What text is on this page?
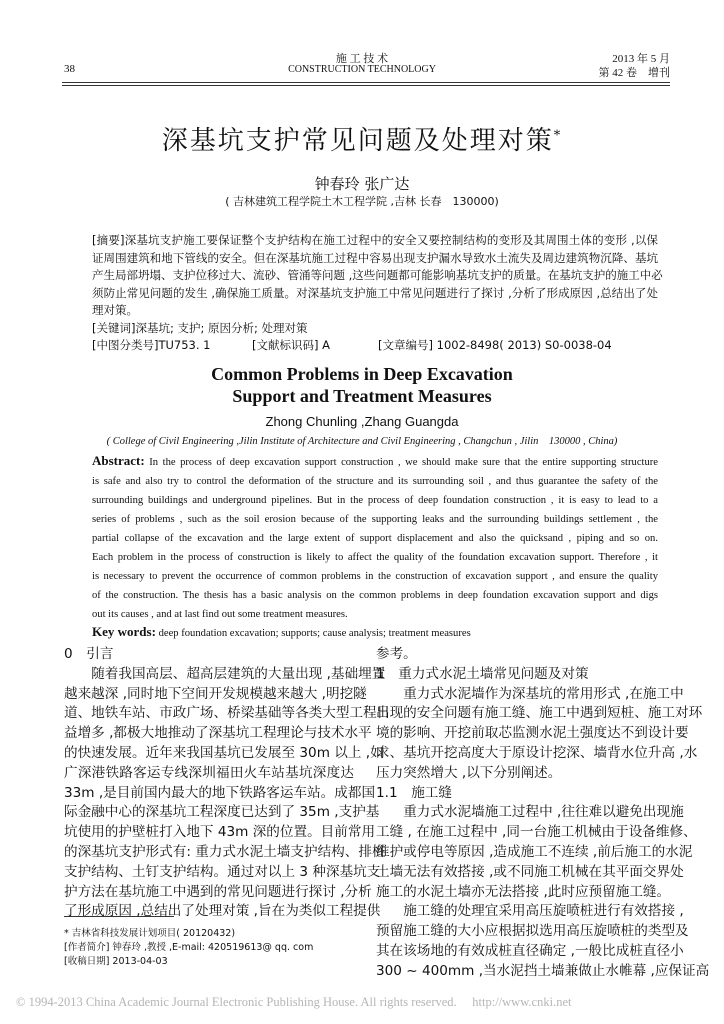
38
施 工 技 术
CONSTRUCTION TECHNOLOGY
2013 年 5 月
第 42 卷　增刊
深基坑支护常见问题及处理对策*
钟春玲 张广达
( 吉林建筑工程学院土木工程学院 ,吉林 长春　130000)
[摘要]深基坑支护施工要保证整个支护结构在施工过程中的安全又要控制结构的变形及其周围土体的变形 ,以保
证周围建筑和地下管线的安全。但在深基坑施工过程中容易出现支护漏水导致水土流失及周边建筑物沉降、基坑
产生局部坍塌、支护位移过大、流砂、管涌等问题 ,这些问题都可能影响基坑支护的质量。在基坑支护的施工中必
须防止常见问题的发生 ,确保施工质量。对深基坑支护施工中常见问题进行了探讨 ,分析了形成原因 ,总结出了处
理对策。
[关键词]深基坑; 支护; 原因分析; 处理对策
[中图分类号]TU753. 1	[文献标识码] A	[文章编号] 1002-8498( 2013) S0-0038-04
Common Problems in Deep Excavation
Support and Treatment Measures
Zhong Chunling ,Zhang Guangda
( College of Civil Engineering ,Jilin Institute of Architecture and Civil Engineering , Changchun , Jilin　130000 , China)
Abstract: In the process of deep excavation support construction , we should make sure that the entire supporting structure
is safe and also try to control the deformation of the structure and its surrounding soil , and thus guarantee the safety of the
surrounding buildings and underground pipelines. But in the process of deep foundation construction , it is easy to lead to a
series of problems , such as the soil erosion because of the supporting leaks and the surrounding buildings settlement , the
partial collapse of the excavation and the large extent of support displacement and also the quicksand , piping and so on.
Each problem in the process of construction is likely to affect the quality of the foundation excavation support. Therefore , it
is necessary to prevent the occurrence of common problems in the construction of excavation support , and ensure the quality
of the construction. The thesis has a basic analysis on the common problems in deep foundation excavation support and digs
out its causes , and at last find out some treatment measures.
Key words: deep foundation excavation; supports; cause analysis; treatment measures
0　引言
随着我国高层、超高层建筑的大量出现 ,基础埋置
越来越深 ,同时地下空间开发规模越来越大 ,明挖隧
道、地铁车站、市政广场、桥梁基础等各类大型工程日
益增多 ,都极大地推动了深基坑工程理论与技术水平
的快速发展。近年来我国基坑已发展至 30m 以上 ,如
广深港铁路客运专线深圳福田火车站基坑深度达
33m ,是目前国内最大的地下铁路客运车站。成都国
际金融中心的深基坑工程深度已达到了 35m ,支护基
坑使用的护壁桩打入地下 43m 深的位置。目前常用
的深基坑支护形式有: 重力式水泥土墙支护结构、排桩
支护结构、土钉支护结构。通过对以上 3 种深基坑支
护方法在基坑施工中遇到的常见问题进行探讨 ,分析
了形成原因 ,总结出了处理对策 ,旨在为类似工程提供
* 吉林省科技发展计划项目( 20120432)
[作者简介] 钟春玲 ,教授 ,E-mail: 420519613@ qq. com
[收稿日期] 2013-04-03
参考。
1　重力式水泥土墙常见问题及对策
重力式水泥墙作为深基坑的常用形式 ,在施工中
出现的安全问题有施工缝、施工中遇到短桩、施工对环
境的影响、开挖前取芯监测水泥土强度达不到设计要
求、基坑开挖高度大于原设计挖深、墙背水位升高 ,水
压力突然增大 ,以下分别阐述。
1.1　施工缝
重力式水泥墙施工过程中 ,往往难以避免出现施
工缝 , 在施工过程中 ,同一台施工机械由于设备维修、
维护或停电等原因 ,造成施工不连续 ,前后施工的水泥
土墙无法有效搭接 ,或不同施工机械在其平面交界处
施工的水泥土墙亦无法搭接 ,此时应预留施工缝。
施工缝的处理宜采用高压旋喷桩进行有效搭接 ,
预留施工缝的大小应根据拟选用高压旋喷桩的类型及
其在该场地的有效成桩直径确定 ,一般比成桩直径小
300 ~ 400mm ,当水泥挡土墙兼做止水帷幕 ,应保证高
© 1994-2013 China Academic Journal Electronic Publishing House. All rights reserved.　 http://www.cnki.net
